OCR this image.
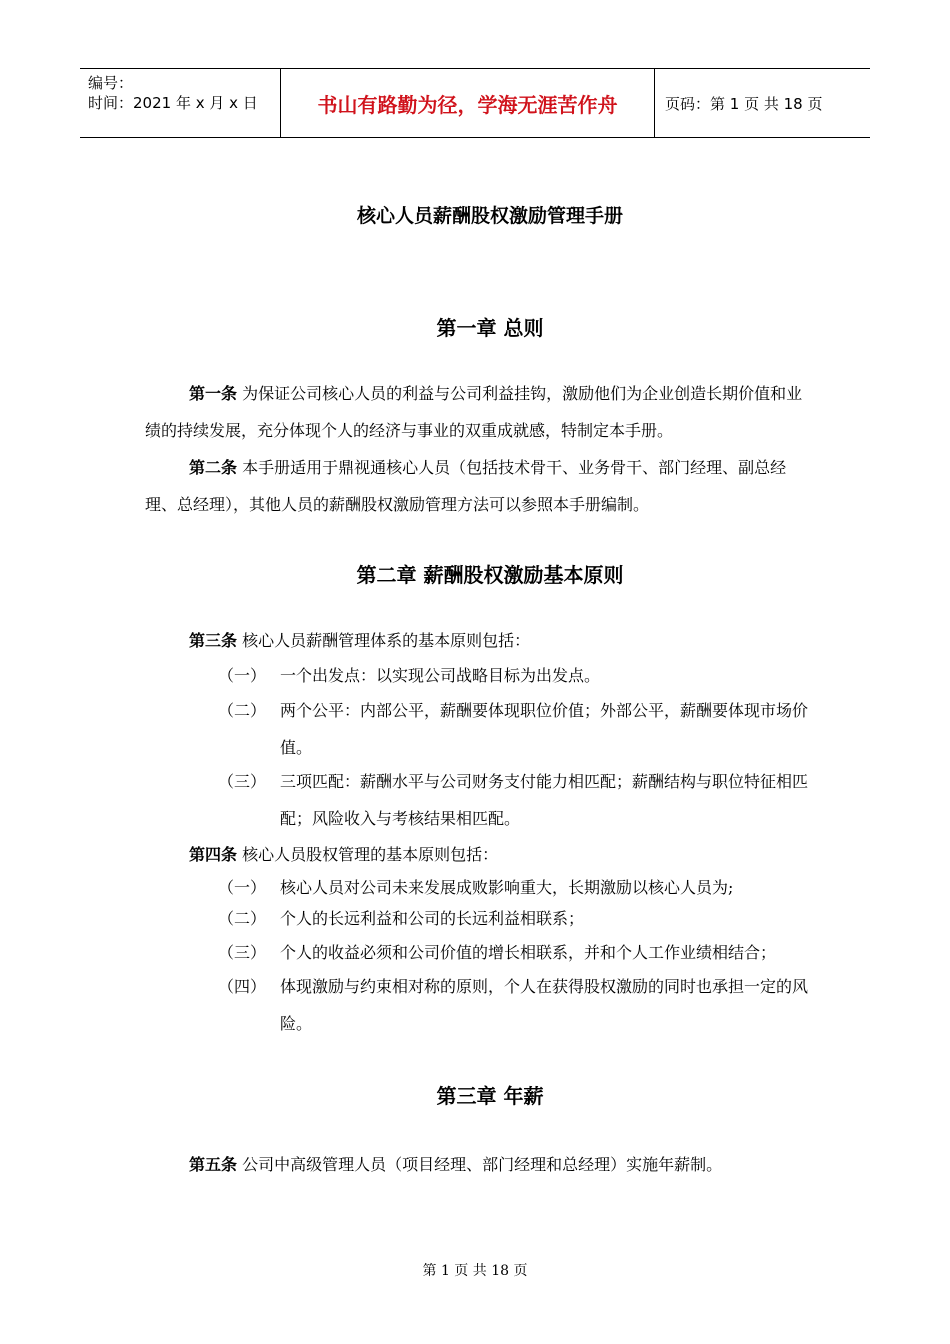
编号：
时间：2021 年 x 月 x 日	书山有路勤为径，学海无涯苦作舟	页码：第 1 页 共 18 页
核心人员薪酬股权激励管理手册
第一章 总则
第一条 为保证公司核心人员的利益与公司利益挂钩，激励他们为企业创造长期价值和业绩的持续发展，充分体现个人的经济与事业的双重成就感，特制定本手册。
第二条 本手册适用于鼎视通核心人员（包括技术骨干、业务骨干、部门经理、副总经理、总经理），其他人员的薪酬股权激励管理方法可以参照本手册编制。
第二章 薪酬股权激励基本原则
第三条 核心人员薪酬管理体系的基本原则包括：
（一） 一个出发点：以实现公司战略目标为出发点。
（二） 两个公平：内部公平，薪酬要体现职位价值；外部公平，薪酬要体现市场价值。
（三） 三项匹配：薪酬水平与公司财务支付能力相匹配；薪酬结构与职位特征相匹配；风险收入与考核结果相匹配。
第四条 核心人员股权管理的基本原则包括：
（一） 核心人员对公司未来发展成败影响重大，长期激励以核心人员为;
（二） 个人的长远利益和公司的长远利益相联系；
（三） 个人的收益必须和公司价值的增长相联系，并和个人工作业绩相结合；
（四） 体现激励与约束相对称的原则，个人在获得股权激励的同时也承担一定的风险。
第三章 年薪
第五条 公司中高级管理人员（项目经理、部门经理和总经理）实施年薪制。
第 1 页 共 18 页
